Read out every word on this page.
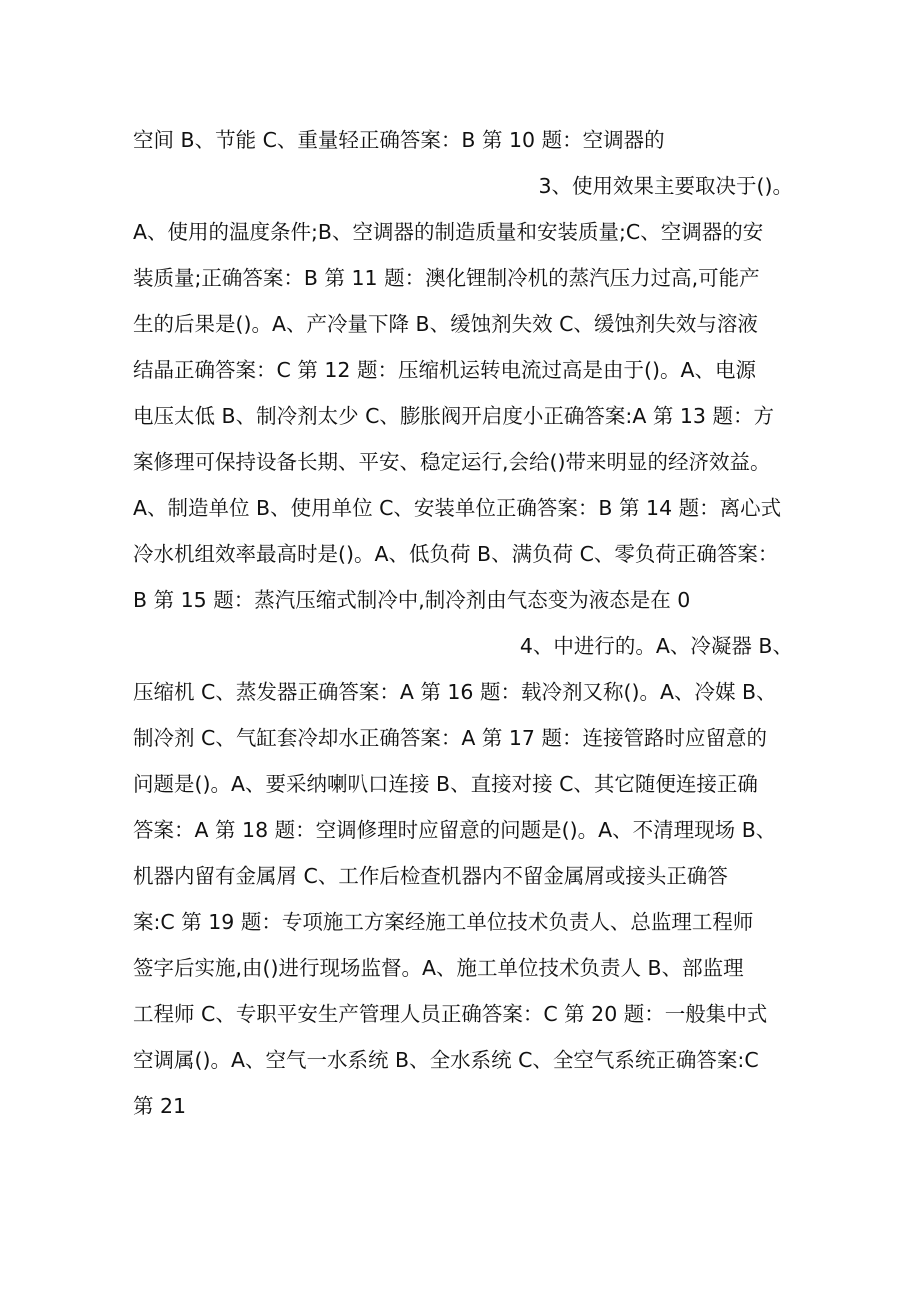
空间 B、节能 C、重量轻正确答案：B 第 10 题：空调器的
3、使用效果主要取决于()。
A、使用的温度条件;B、空调器的制造质量和安装质量;C、空调器的安
装质量;正确答案：B 第 11 题：澳化锂制冷机的蒸汽压力过高,可能产
生的后果是()。A、产冷量下降 B、缓蚀剂失效 C、缓蚀剂失效与溶液
结晶正确答案：C 第 12 题：压缩机运转电流过高是由于()。A、电源
电压太低 B、制冷剂太少 C、膨胀阀开启度小正确答案:A 第 13 题：方
案修理可保持设备长期、平安、稳定运行,会给()带来明显的经济效益。
A、制造单位 B、使用单位 C、安装单位正确答案：B 第 14 题：离心式
冷水机组效率最高时是()。A、低负荷 B、满负荷 C、零负荷正确答案：
B 第 15 题：蒸汽压缩式制冷中,制冷剂由气态变为液态是在 0
4、中进行的。A、冷凝器 B、
压缩机 C、蒸发器正确答案：A 第 16 题：载冷剂又称()。A、冷媒 B、
制冷剂 C、气缸套冷却水正确答案：A 第 17 题：连接管路时应留意的
问题是()。A、要采纳喇叭口连接 B、直接对接 C、其它随便连接正确
答案：A 第 18 题：空调修理时应留意的问题是()。A、不清理现场 B、
机器内留有金属屑 C、工作后检查机器内不留金属屑或接头正确答
案:C 第 19 题：专项施工方案经施工单位技术负责人、总监理工程师
签字后实施,由()进行现场监督。A、施工单位技术负责人 B、部监理
工程师 C、专职平安生产管理人员正确答案：C 第 20 题：一般集中式
空调属()。A、空气一水系统 B、全水系统 C、全空气系统正确答案:C
第 21
